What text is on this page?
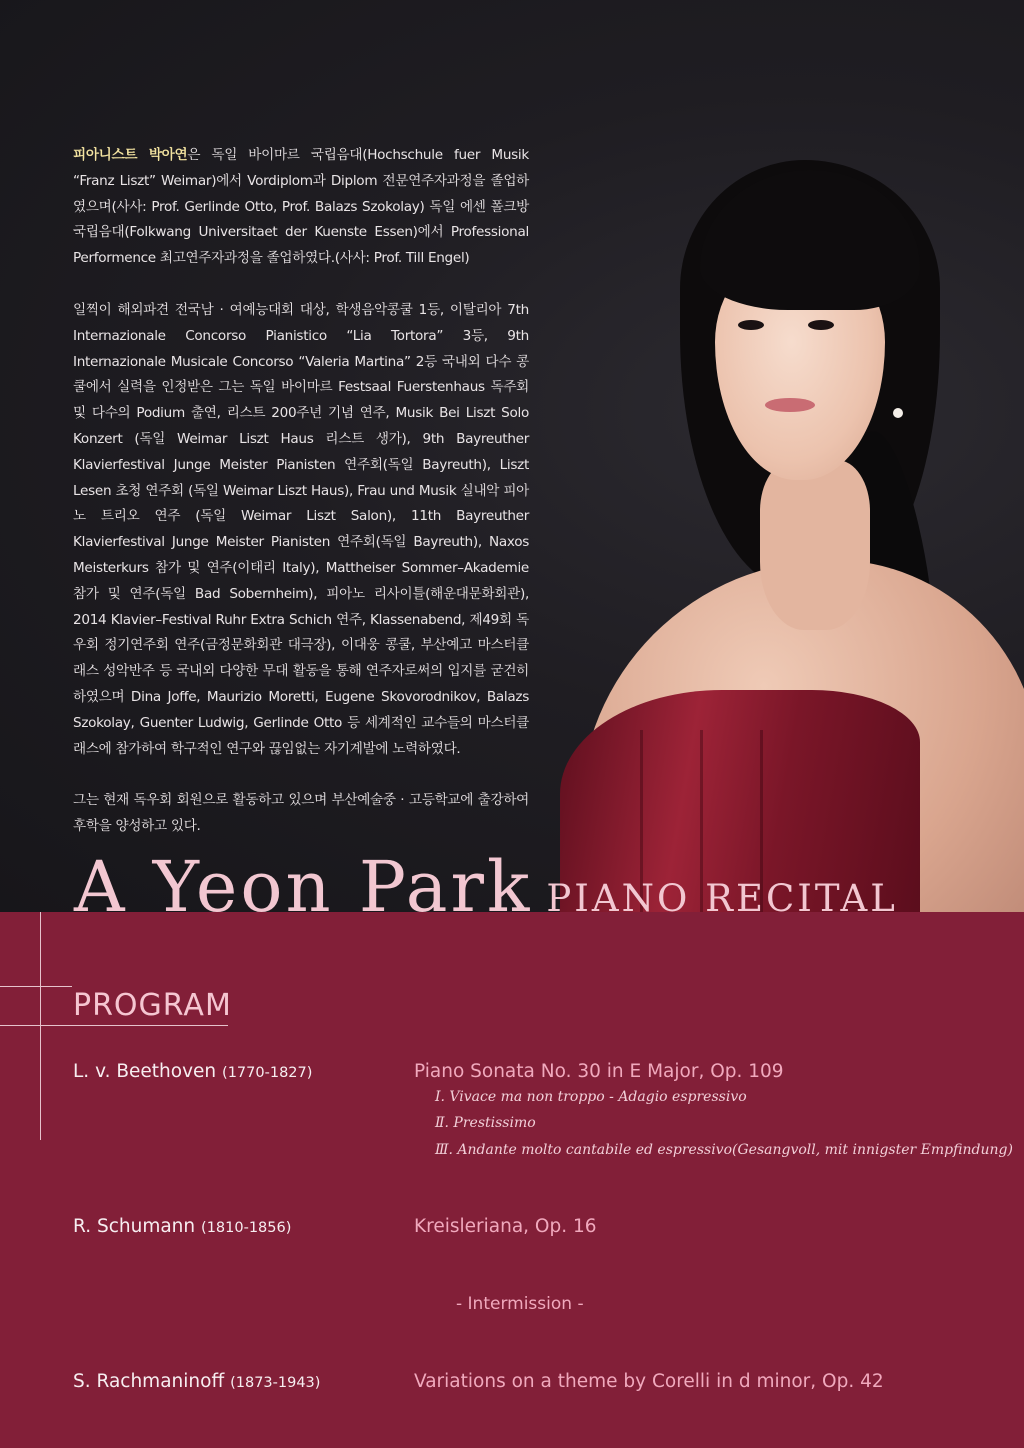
피아니스트 박아연은 독일 바이마르 국립음대(Hochschule fuer Musik “Franz Liszt” Weimar)에서 Vordiplom과 Diplom 전문연주자과정을 졸업하였으며(사사: Prof. Gerlinde Otto, Prof. Balazs Szokolay) 독일 에센 폴크방 국립음대(Folkwang Universitaet der Kuenste Essen)에서 Professional Performence 최고연주자과정을 졸업하였다.(사사: Prof. Till Engel)

일찍이 해외파견 전국남 · 여예능대회 대상, 학생음악콩쿨 1등, 이탈리아 7th Internazionale Concorso Pianistico “Lia Tortora” 3등, 9th Internazionale Musicale Concorso “Valeria Martina” 2등 국내외 다수 콩쿨에서 실력을 인정받은 그는 독일 바이마르 Festsaal Fuerstenhaus 독주회 및 다수의 Podium 출연, 리스트 200주년 기념 연주, Musik Bei Liszt Solo Konzert (독일 Weimar Liszt Haus 리스트 생가), 9th Bayreuther Klavierfestival Junge Meister Pianisten 연주회(독일 Bayreuth), Liszt Lesen 초청 연주회 (독일 Weimar Liszt Haus), Frau und Musik 실내악 피아노 트리오 연주 (독일 Weimar Liszt Salon), 11th Bayreuther Klavierfestival Junge Meister Pianisten 연주회(독일 Bayreuth), Naxos Meisterkurs 참가 및 연주(이태리 Italy), Mattheiser Sommer–Akademie 참가 및 연주(독일 Bad Sobernheim), 피아노 리사이틀(해운대문화회관), 2014 Klavier–Festival Ruhr Extra Schich 연주, Klassenabend, 제49회 독우회 정기연주회 연주(금정문화회관 대극장), 이대웅 콩쿨, 부산예고 마스터클래스 성악반주 등 국내외 다양한 무대 활동을 통해 연주자로써의 입지를 굳건히 하였으며 Dina Joffe, Maurizio Moretti, Eugene Skovorodnikov, Balazs Szokolay, Guenter Ludwig, Gerlinde Otto 등 세계적인 교수들의 마스터클래스에 참가하여 학구적인 연구와 끊임없는 자기계발에 노력하였다.

그는 현재 독우회 회원으로 활동하고 있으며 부산예술중 · 고등학교에 출강하여 후학을 양성하고 있다.

A Yeon Park PIANO RECITAL
PROGRAM
L. v. Beethoven (1770-1827)	Piano Sonata No. 30 in E Major, Op. 109
Ⅰ. Vivace ma non troppo - Adagio espressivo
Ⅱ. Prestissimo
Ⅲ. Andante molto cantabile ed espressivo(Gesangvoll, mit innigster Empfindung)
R. Schumann (1810-1856)	Kreisleriana, Op. 16
- Intermission -
S. Rachmaninoff (1873-1943)	Variations on a theme by Corelli in d minor, Op. 42
